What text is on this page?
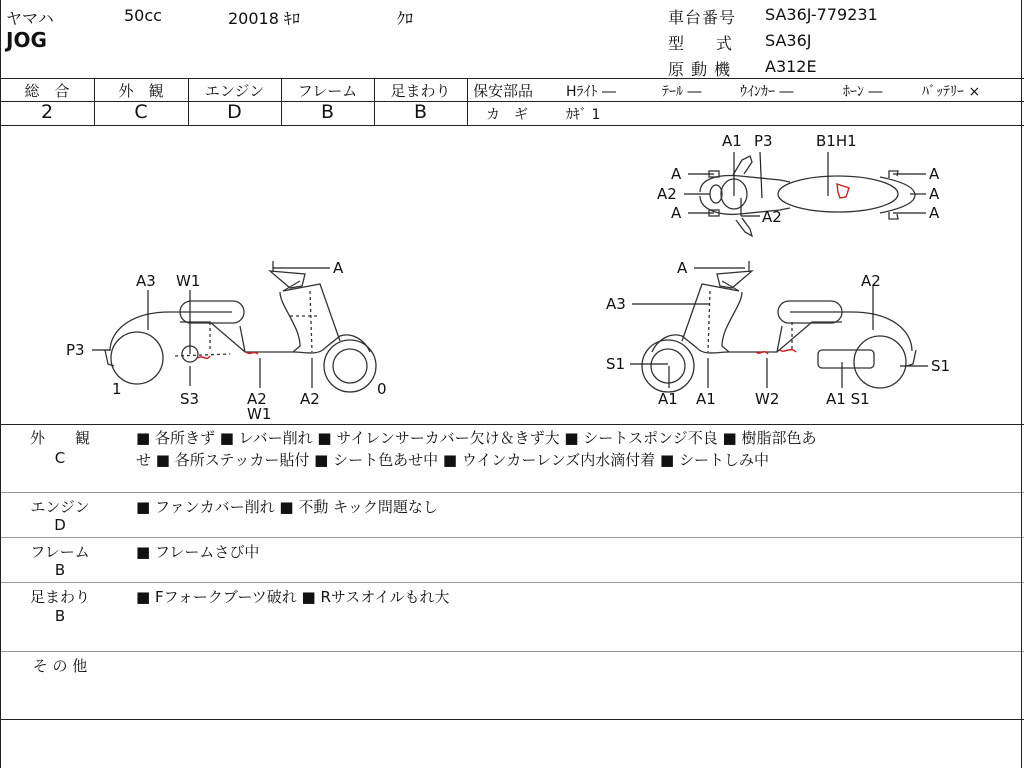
ヤマハ	50cc	20018 ｷﾛ	ｸﾛ
JOG
車台番号 SA36J-779231
型　　式 SA36J
原 動 機 A312E
総　合	外　観	エンジン	フレーム	足まわり
2	C	D	B	B
保安部品 Hﾗｲﾄ ―	ﾃｰﾙ ―	ｳｲﾝｶｰ ―	ﾎｰﾝ ―	ﾊﾞｯﾃﾘｰ ×
カ　ギ	ｶｷﾞ 1
A1 P3	B1H1
A
A2
A	A2
A
A
A
A3 W1
A
P3
1
S3	A2
W1
A2
0
A
A2
A3
S1	S1
A1 A1	W2	A1 S1
外　　観
C
■ 各所きず ■ レバー削れ ■ サイレンサーカバー欠け＆きず大 ■ シートスポンジ不良 ■ 樹脂部色あ
せ ■ 各所ステッカー貼付 ■ シート色あせ中 ■ ウインカーレンズ内水滴付着 ■ シートしみ中
エンジン
D
■ ファンカバー削れ ■ 不動 キック問題なし
フレーム
B
■ フレームさび中
足まわり
B
■ Fフォークブーツ破れ ■ Rサスオイルもれ大
そ の 他
